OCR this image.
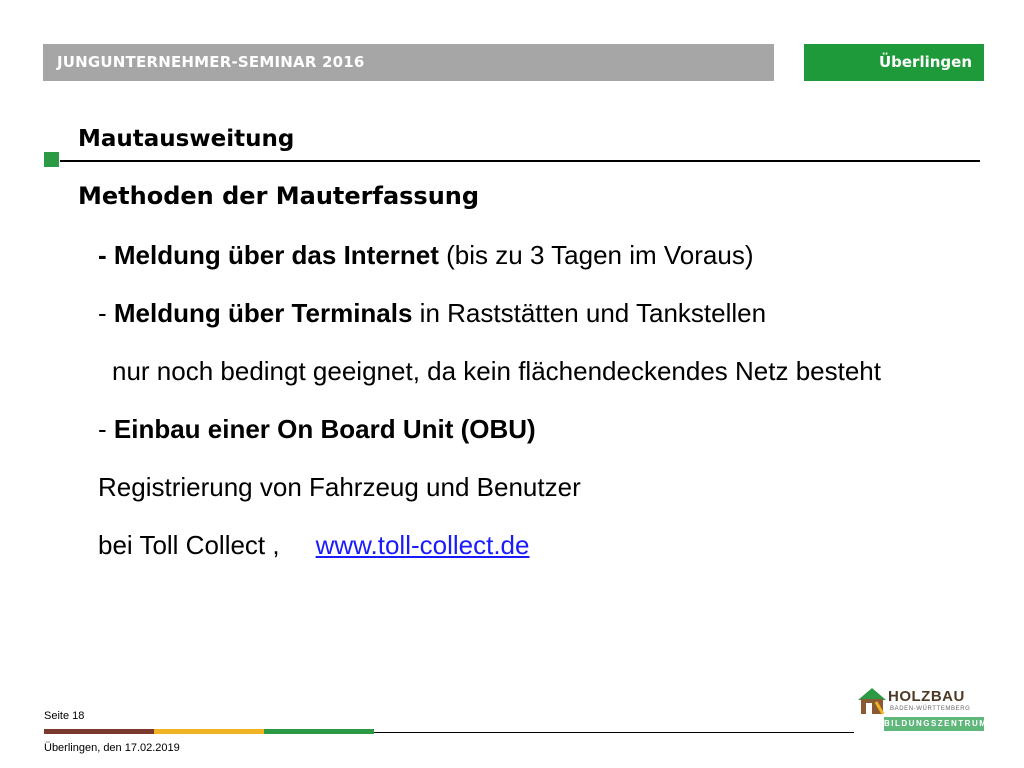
JUNGUNTERNEHMER-SEMINAR 2016	Überlingen
Mautausweitung
Methoden der Mauterfassung
- Meldung über das Internet (bis zu 3 Tagen im Voraus)
- Meldung über Terminals in Raststätten und Tankstellen
nur noch bedingt geeignet, da kein flächendeckendes Netz besteht
- Einbau einer On Board Unit (OBU)
Registrierung von Fahrzeug und Benutzer
bei Toll Collect , www.toll-collect.de
Seite 18
Überlingen, den 17.02.2019
HOLZBAU
BADEN-WÜRTTEMBERG
BILDUNGSZENTRUM
